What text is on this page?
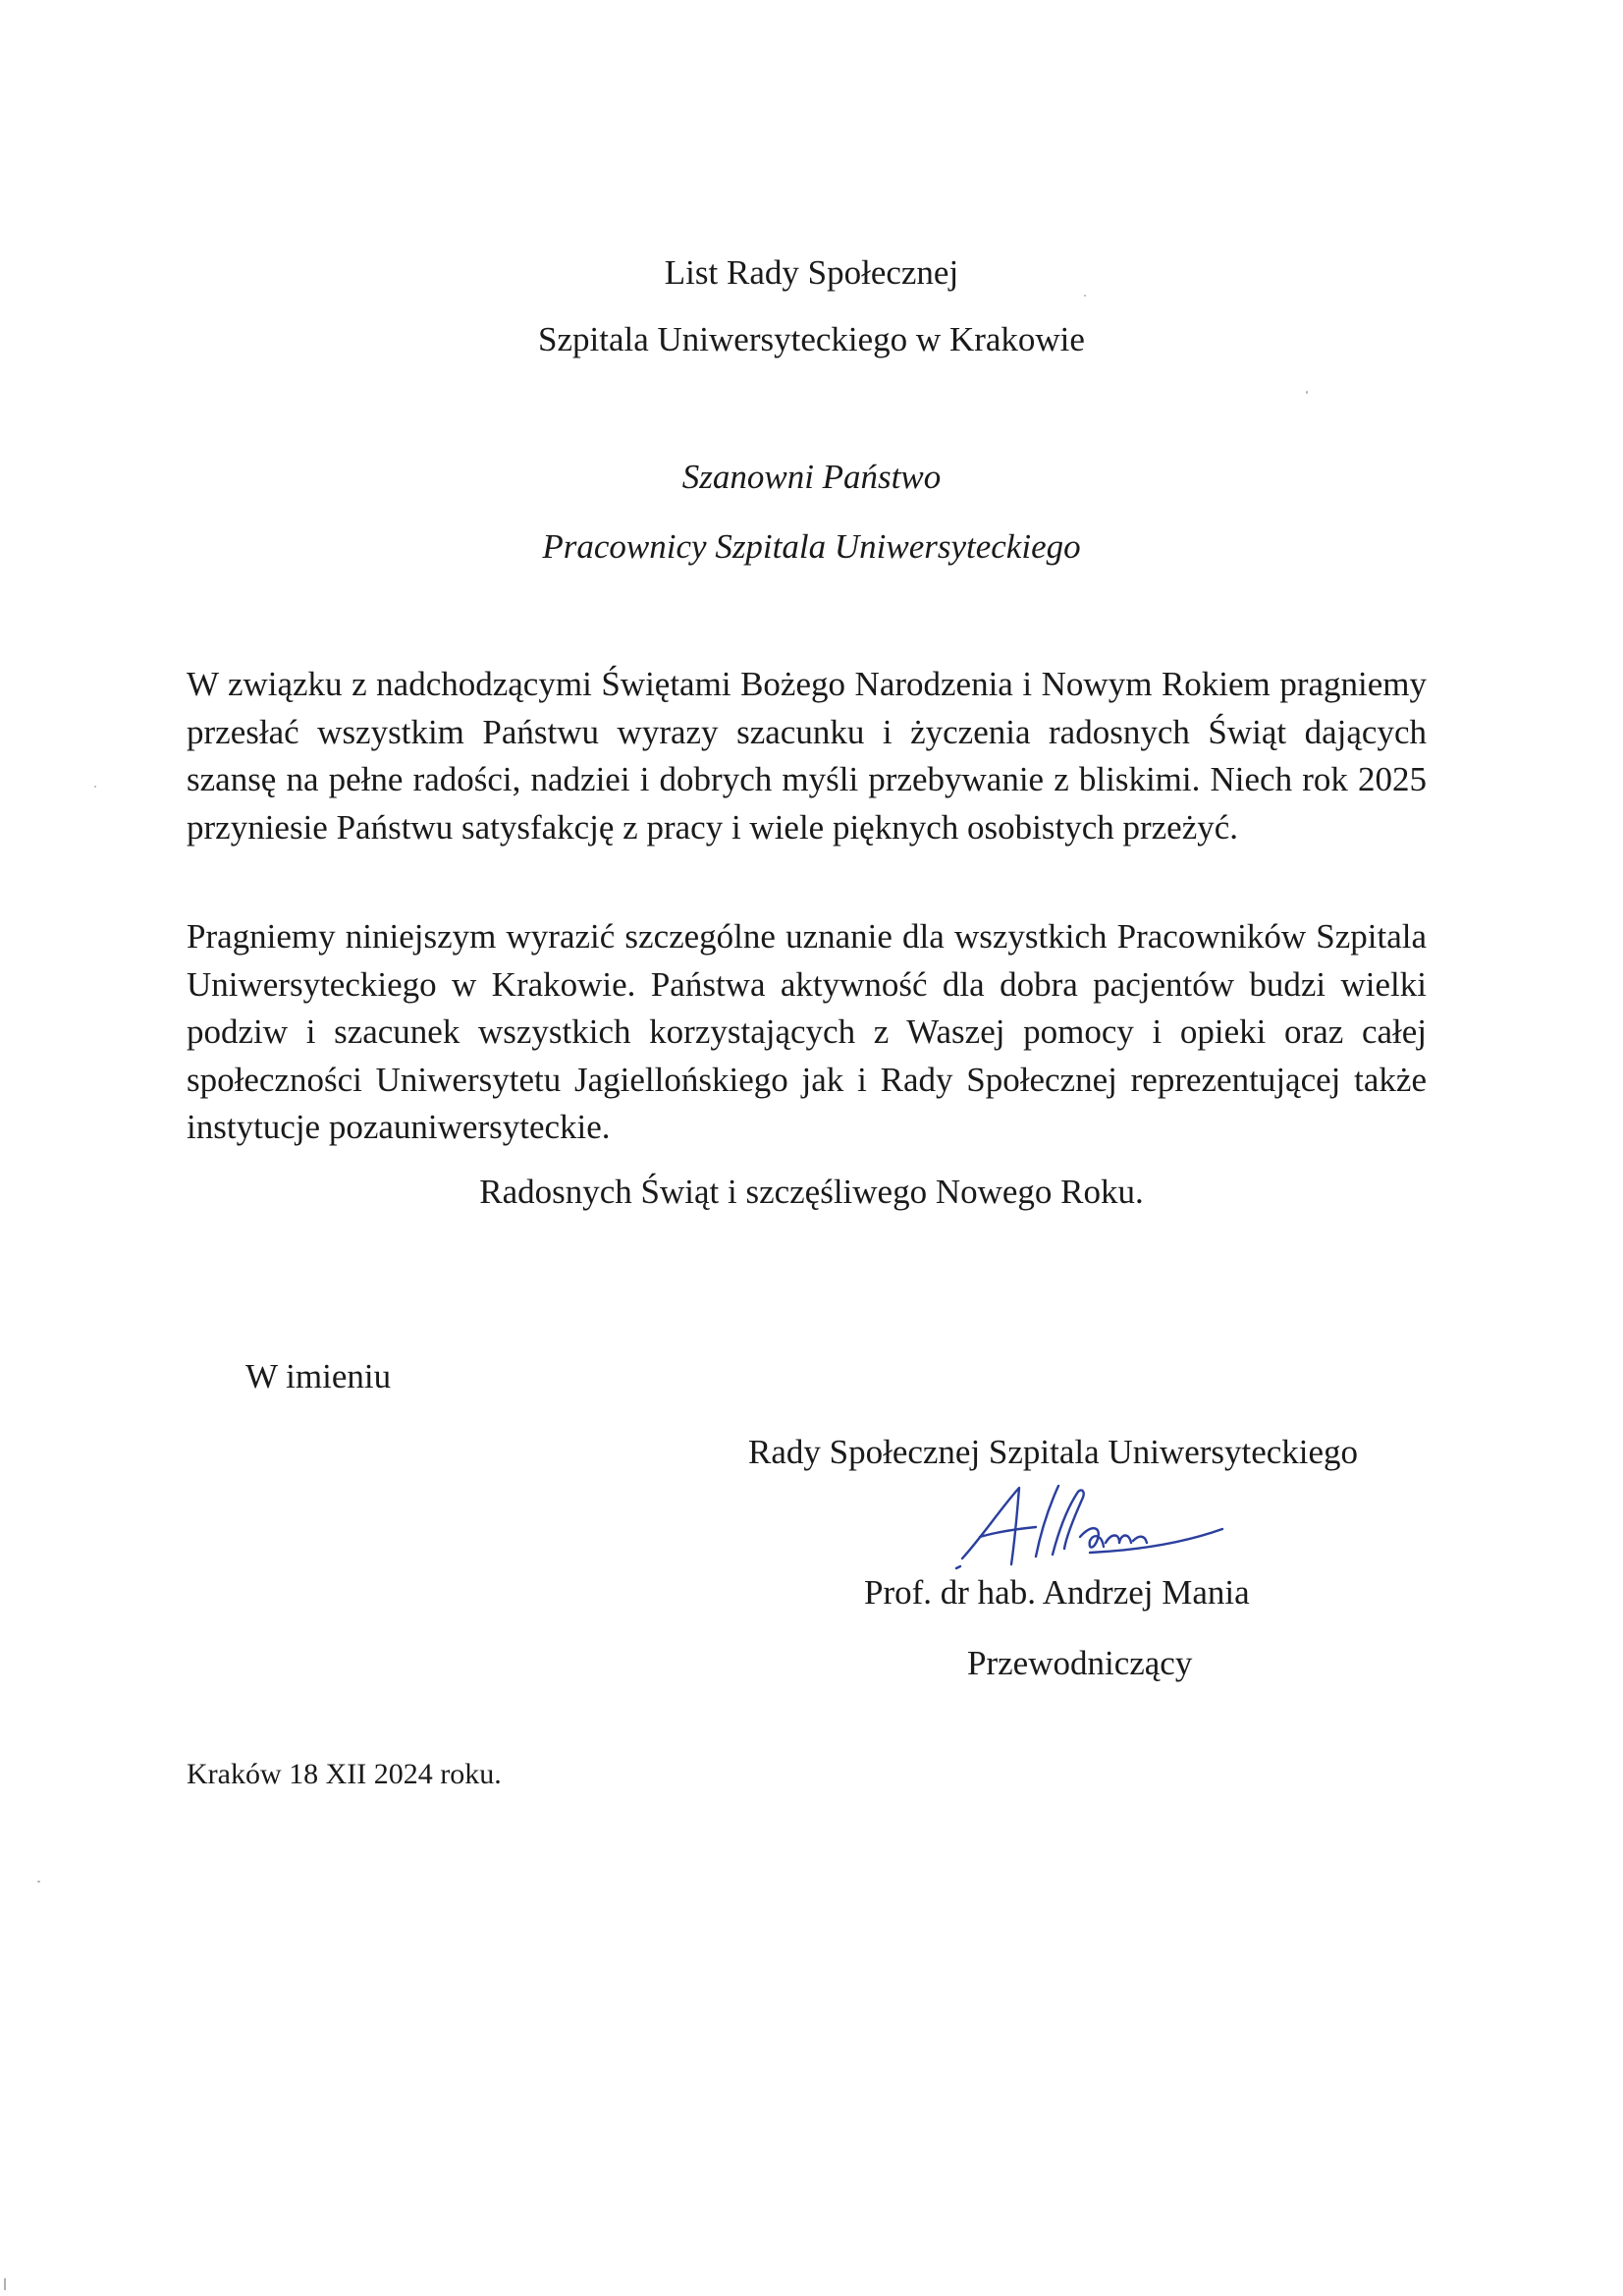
List Rady Społecznej
Szpitala Uniwersyteckiego w Krakowie
Szanowni Państwo
Pracownicy Szpitala Uniwersyteckiego

W związku z nadchodzącymi Świętami Bożego Narodzenia i Nowym Rokiem pragniemy przesłać wszystkim Państwu wyrazy szacunku i życzenia radosnych Świąt dających szansę na pełne radości, nadziei i dobrych myśli przebywanie z bliskimi. Niech rok 2025 przyniesie Państwu satysfakcję z pracy i wiele pięknych osobistych przeżyć.

Pragniemy niniejszym wyrazić szczególne uznanie dla wszystkich Pracowników Szpitala Uniwersyteckiego w Krakowie. Państwa aktywność dla dobra pacjentów budzi wielki podziw i szacunek wszystkich korzystających z Waszej pomocy i opieki oraz całej społeczności Uniwersytetu Jagiellońskiego jak i Rady Społecznej reprezentującej także instytucje pozauniwersyteckie.

Radosnych Świąt i szczęśliwego Nowego Roku.
W imieniu
Rady Społecznej Szpitala Uniwersyteckiego
Prof. dr hab. Andrzej Mania
Przewodniczący
Kraków 18 XII 2024 roku.
